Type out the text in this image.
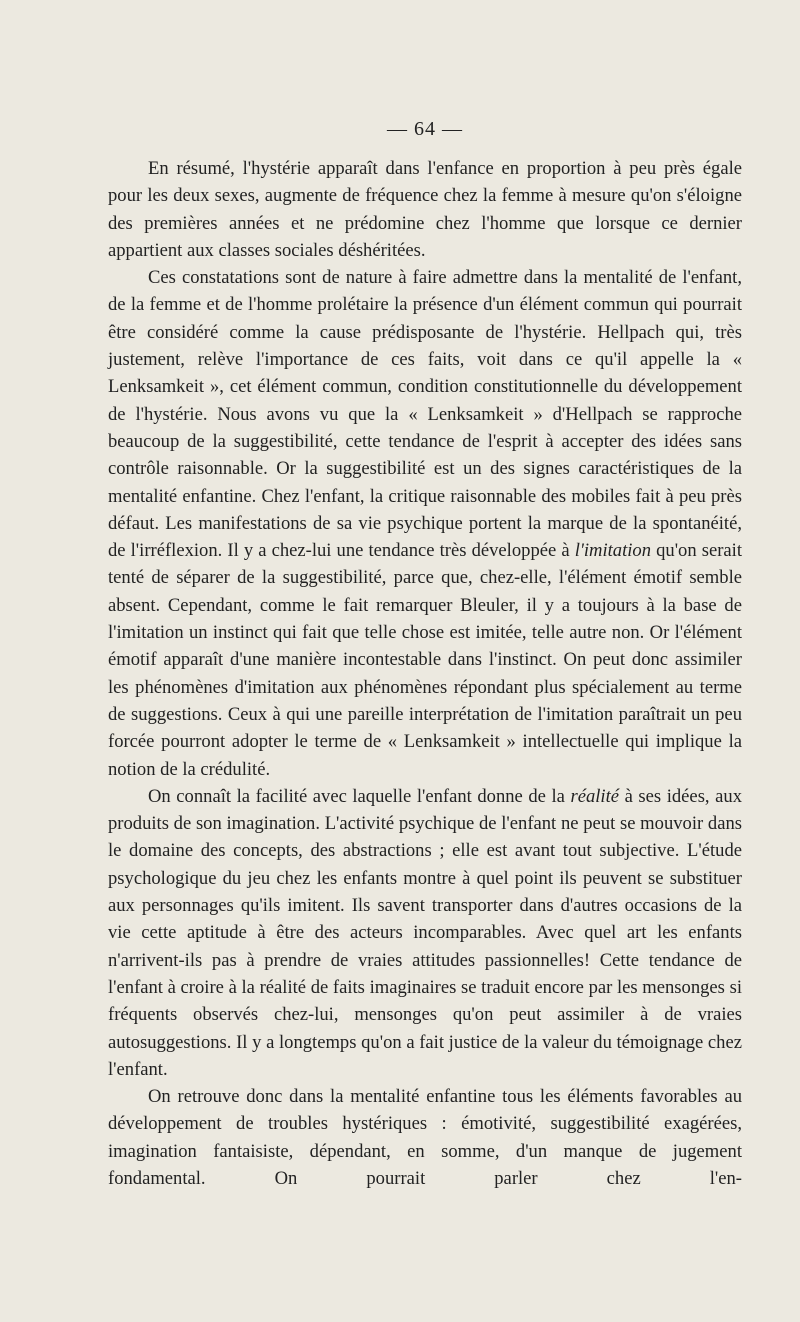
— 64 —

En résumé, l'hystérie apparaît dans l'enfance en proportion à peu près égale pour les deux sexes, augmente de fréquence chez la femme à mesure qu'on s'éloigne des premières années et ne prédomine chez l'homme que lorsque ce dernier appartient aux classes sociales déshéritées.

Ces constatations sont de nature à faire admettre dans la mentalité de l'enfant, de la femme et de l'homme prolétaire la présence d'un élément commun qui pourrait être considéré comme la cause prédisposante de l'hystérie. Hellpach qui, très justement, relève l'importance de ces faits, voit dans ce qu'il appelle la « Lenksamkeit », cet élément commun, condition constitutionnelle du développement de l'hystérie. Nous avons vu que la « Lenksamkeit » d'Hellpach se rapproche beaucoup de la suggestibilité, cette tendance de l'esprit à accepter des idées sans contrôle raisonnable. Or la suggestibilité est un des signes caractéristiques de la mentalité enfantine. Chez l'enfant, la critique raisonnable des mobiles fait à peu près défaut. Les manifestations de sa vie psychique portent la marque de la spontanéité, de l'irréflexion. Il y a chez-lui une tendance très développée à l'imitation qu'on serait tenté de séparer de la suggestibilité, parce que, chez-elle, l'élément émotif semble absent. Cependant, comme le fait remarquer Bleuler, il y a toujours à la base de l'imitation un instinct qui fait que telle chose est imitée, telle autre non. Or l'élément émotif apparaît d'une manière incontestable dans l'instinct. On peut donc assimiler les phénomènes d'imitation aux phénomènes répondant plus spécialement au terme de suggestions. Ceux à qui une pareille interprétation de l'imitation paraîtrait un peu forcée pourront adopter le terme de « Lenksamkeit » intellectuelle qui implique la notion de la crédulité.

On connaît la facilité avec laquelle l'enfant donne de la réalité à ses idées, aux produits de son imagination. L'activité psychique de l'enfant ne peut se mouvoir dans le domaine des concepts, des abstractions ; elle est avant tout subjective. L'étude psychologique du jeu chez les enfants montre à quel point ils peuvent se substituer aux personnages qu'ils imitent. Ils savent transporter dans d'autres occasions de la vie cette aptitude à être des acteurs incomparables. Avec quel art les enfants n'arrivent-ils pas à prendre de vraies attitudes passionnelles! Cette tendance de l'enfant à croire à la réalité de faits imaginaires se traduit encore par les mensonges si fréquents observés chez-lui, mensonges qu'on peut assimiler à de vraies autosuggestions. Il y a longtemps qu'on a fait justice de la valeur du témoignage chez l'enfant.

On retrouve donc dans la mentalité enfantine tous les éléments favorables au développement de troubles hystériques : émotivité, suggestibilité exagérées, imagination fantaisiste, dépendant, en somme, d'un manque de jugement fondamental. On pourrait parler chez l'en-
